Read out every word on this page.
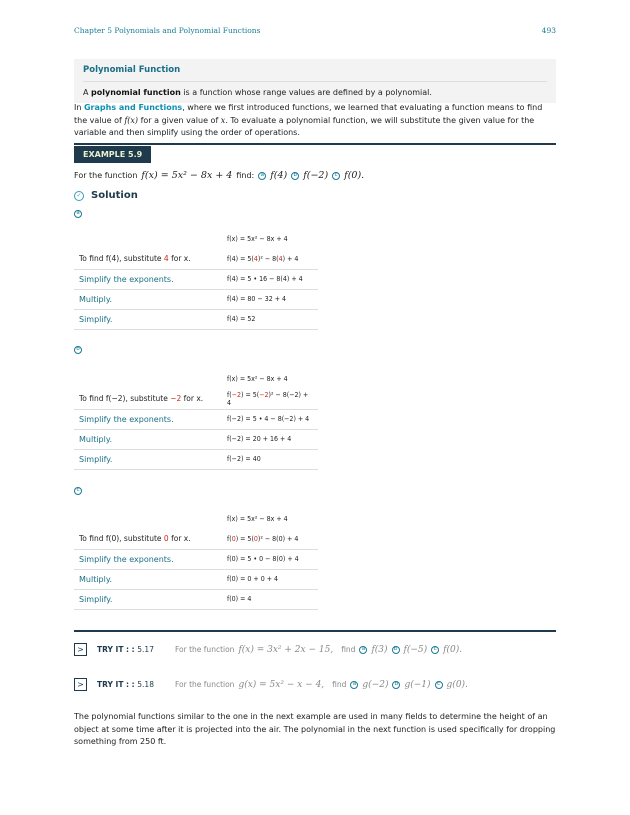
Chapter 5 Polynomials and Polynomial Functions	493
Polynomial Function
A polynomial function is a function whose range values are defined by a polynomial.
In Graphs and Functions, where we first introduced functions, we learned that evaluating a function means to find the value of f(x) for a given value of x. To evaluate a polynomial function, we will substitute the given value for the variable and then simplify using the order of operations.
EXAMPLE 5.9
For the function f(x) = 5x² − 8x + 4 find:	a f(4)	b f(−2)	c f(0).
✓ Solution
a
	f(x) = 5x² − 8x + 4
To find f(4), substitute 4 for x.	f(4) = 5(4)² − 8(4) + 4
Simplify the exponents.	f(4) = 5 • 16 − 8(4) + 4
Multiply.	f(4) = 80 − 32 + 4
Simplify.	f(4) = 52
b
	f(x) = 5x² − 8x + 4
To find f(−2), substitute −2 for x.	f(−2) = 5(−2)² − 8(−2) + 4
Simplify the exponents.	f(−2) = 5 • 4 − 8(−2) + 4
Multiply.	f(−2) = 20 + 16 + 4
Simplify.	f(−2) = 40
c
	f(x) = 5x² − 8x + 4
To find f(0), substitute 0 for x.	f(0) = 5(0)² − 8(0) + 4
Simplify the exponents.	f(0) = 5 • 0 − 8(0) + 4
Multiply.	f(0) = 0 + 0 + 4
Simplify.	f(0) = 4
>	TRY IT : : 5.17	For the function f(x) = 3x² + 2x − 15, find	a f(3)	b f(−5)	c f(0).
>	TRY IT : : 5.18	For the function g(x) = 5x² − x − 4, find	a g(−2)	b g(−1)	c g(0).
The polynomial functions similar to the one in the next example are used in many fields to determine the height of an object at some time after it is projected into the air. The polynomial in the next function is used specifically for dropping something from 250 ft.
